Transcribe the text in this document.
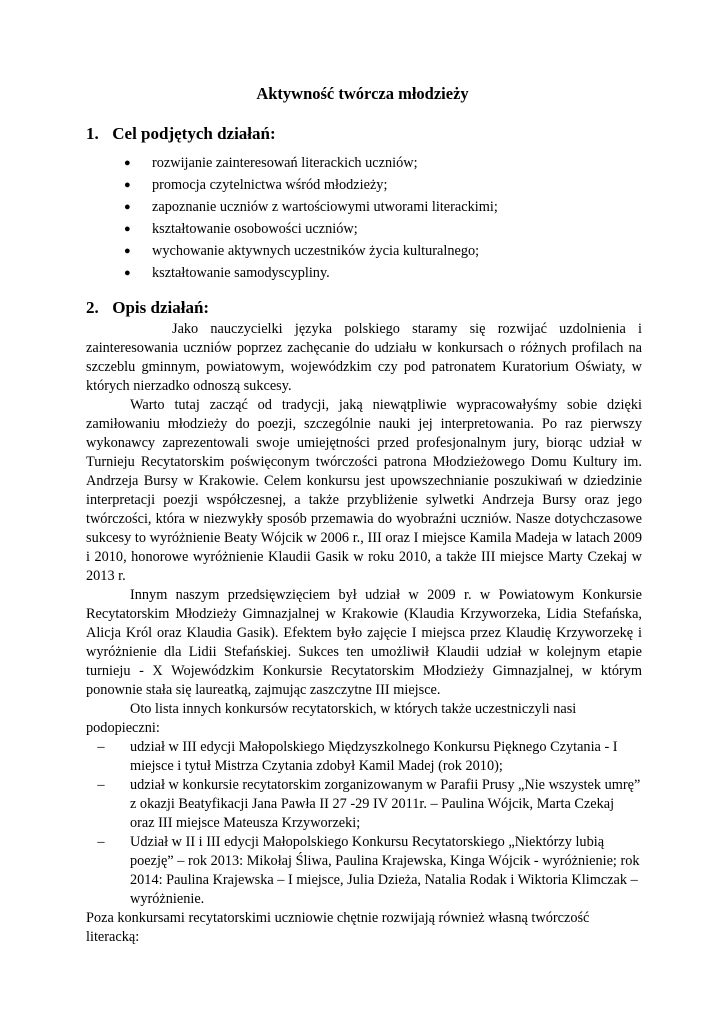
Aktywność twórcza młodzieży
1. Cel podjętych działań:
● rozwijanie zainteresowań literackich uczniów;
● promocja czytelnictwa wśród młodzieży;
● zapoznanie uczniów z wartościowymi utworami literackimi;
● kształtowanie osobowości uczniów;
● wychowanie aktywnych uczestników życia kulturalnego;
● kształtowanie samodyscypliny.
2. Opis działań:

Jako nauczycielki języka polskiego staramy się rozwijać uzdolnienia i zainteresowania uczniów poprzez zachęcanie do udziału w konkursach o różnych profilach na szczeblu gminnym, powiatowym, wojewódzkim czy pod patronatem Kuratorium Oświaty, w których nierzadko odnoszą sukcesy.

Warto tutaj zacząć od tradycji, jaką niewątpliwie wypracowałyśmy sobie dzięki zamiłowaniu młodzieży do poezji, szczególnie nauki jej interpretowania. Po raz pierwszy wykonawcy zaprezentowali swoje umiejętności przed profesjonalnym jury, biorąc udział w Turnieju Recytatorskim poświęconym twórczości patrona Młodzieżowego Domu Kultury im. Andrzeja Bursy w Krakowie. Celem konkursu jest upowszechnianie poszukiwań w dziedzinie interpretacji poezji współczesnej, a także przybliżenie sylwetki Andrzeja Bursy oraz jego twórczości, która w niezwykły sposób przemawia do wyobraźni uczniów. Nasze dotychczasowe sukcesy to wyróżnienie Beaty Wójcik w 2006 r., III oraz I miejsce Kamila Madeja w latach 2009 i 2010, honorowe wyróżnienie Klaudii Gasik w roku 2010, a także III miejsce Marty Czekaj w 2013 r.

Innym naszym przedsięwzięciem był udział w 2009 r. w Powiatowym Konkursie Recytatorskim Młodzieży Gimnazjalnej w Krakowie (Klaudia Krzyworzeka, Lidia Stefańska, Alicja Król oraz Klaudia Gasik). Efektem było zajęcie I miejsca przez Klaudię Krzyworzekę i wyróżnienie dla Lidii Stefańskiej. Sukces ten umożliwił Klaudii udział w kolejnym etapie turnieju - X Wojewódzkim Konkursie Recytatorskim Młodzieży Gimnazjalnej, w którym ponownie stała się laureatką, zajmując zaszczytne III miejsce.

Oto lista innych konkursów recytatorskich, w których także uczestniczyli nasi podopieczni:

–	udział w III edycji Małopolskiego Międzyszkolnego Konkursu Pięknego Czytania - I miejsce i tytuł Mistrza Czytania zdobył Kamil Madej (rok 2010);
–	udział w konkursie recytatorskim zorganizowanym w Parafii Prusy „Nie wszystek umrę” z okazji Beatyfikacji Jana Pawła II 27 -29 IV 2011r. – Paulina Wójcik, Marta Czekaj oraz III miejsce Mateusza Krzyworzeki;
–	Udział w II i III edycji Małopolskiego Konkursu Recytatorskiego „Niektórzy lubią poezję” – rok 2013: Mikołaj Śliwa, Paulina Krajewska, Kinga Wójcik - wyróżnienie; rok 2014: Paulina Krajewska – I miejsce, Julia Dzieża, Natalia Rodak i Wiktoria Klimczak – wyróżnienie.

Poza konkursami recytatorskimi uczniowie chętnie rozwijają również własną twórczość literacką:
